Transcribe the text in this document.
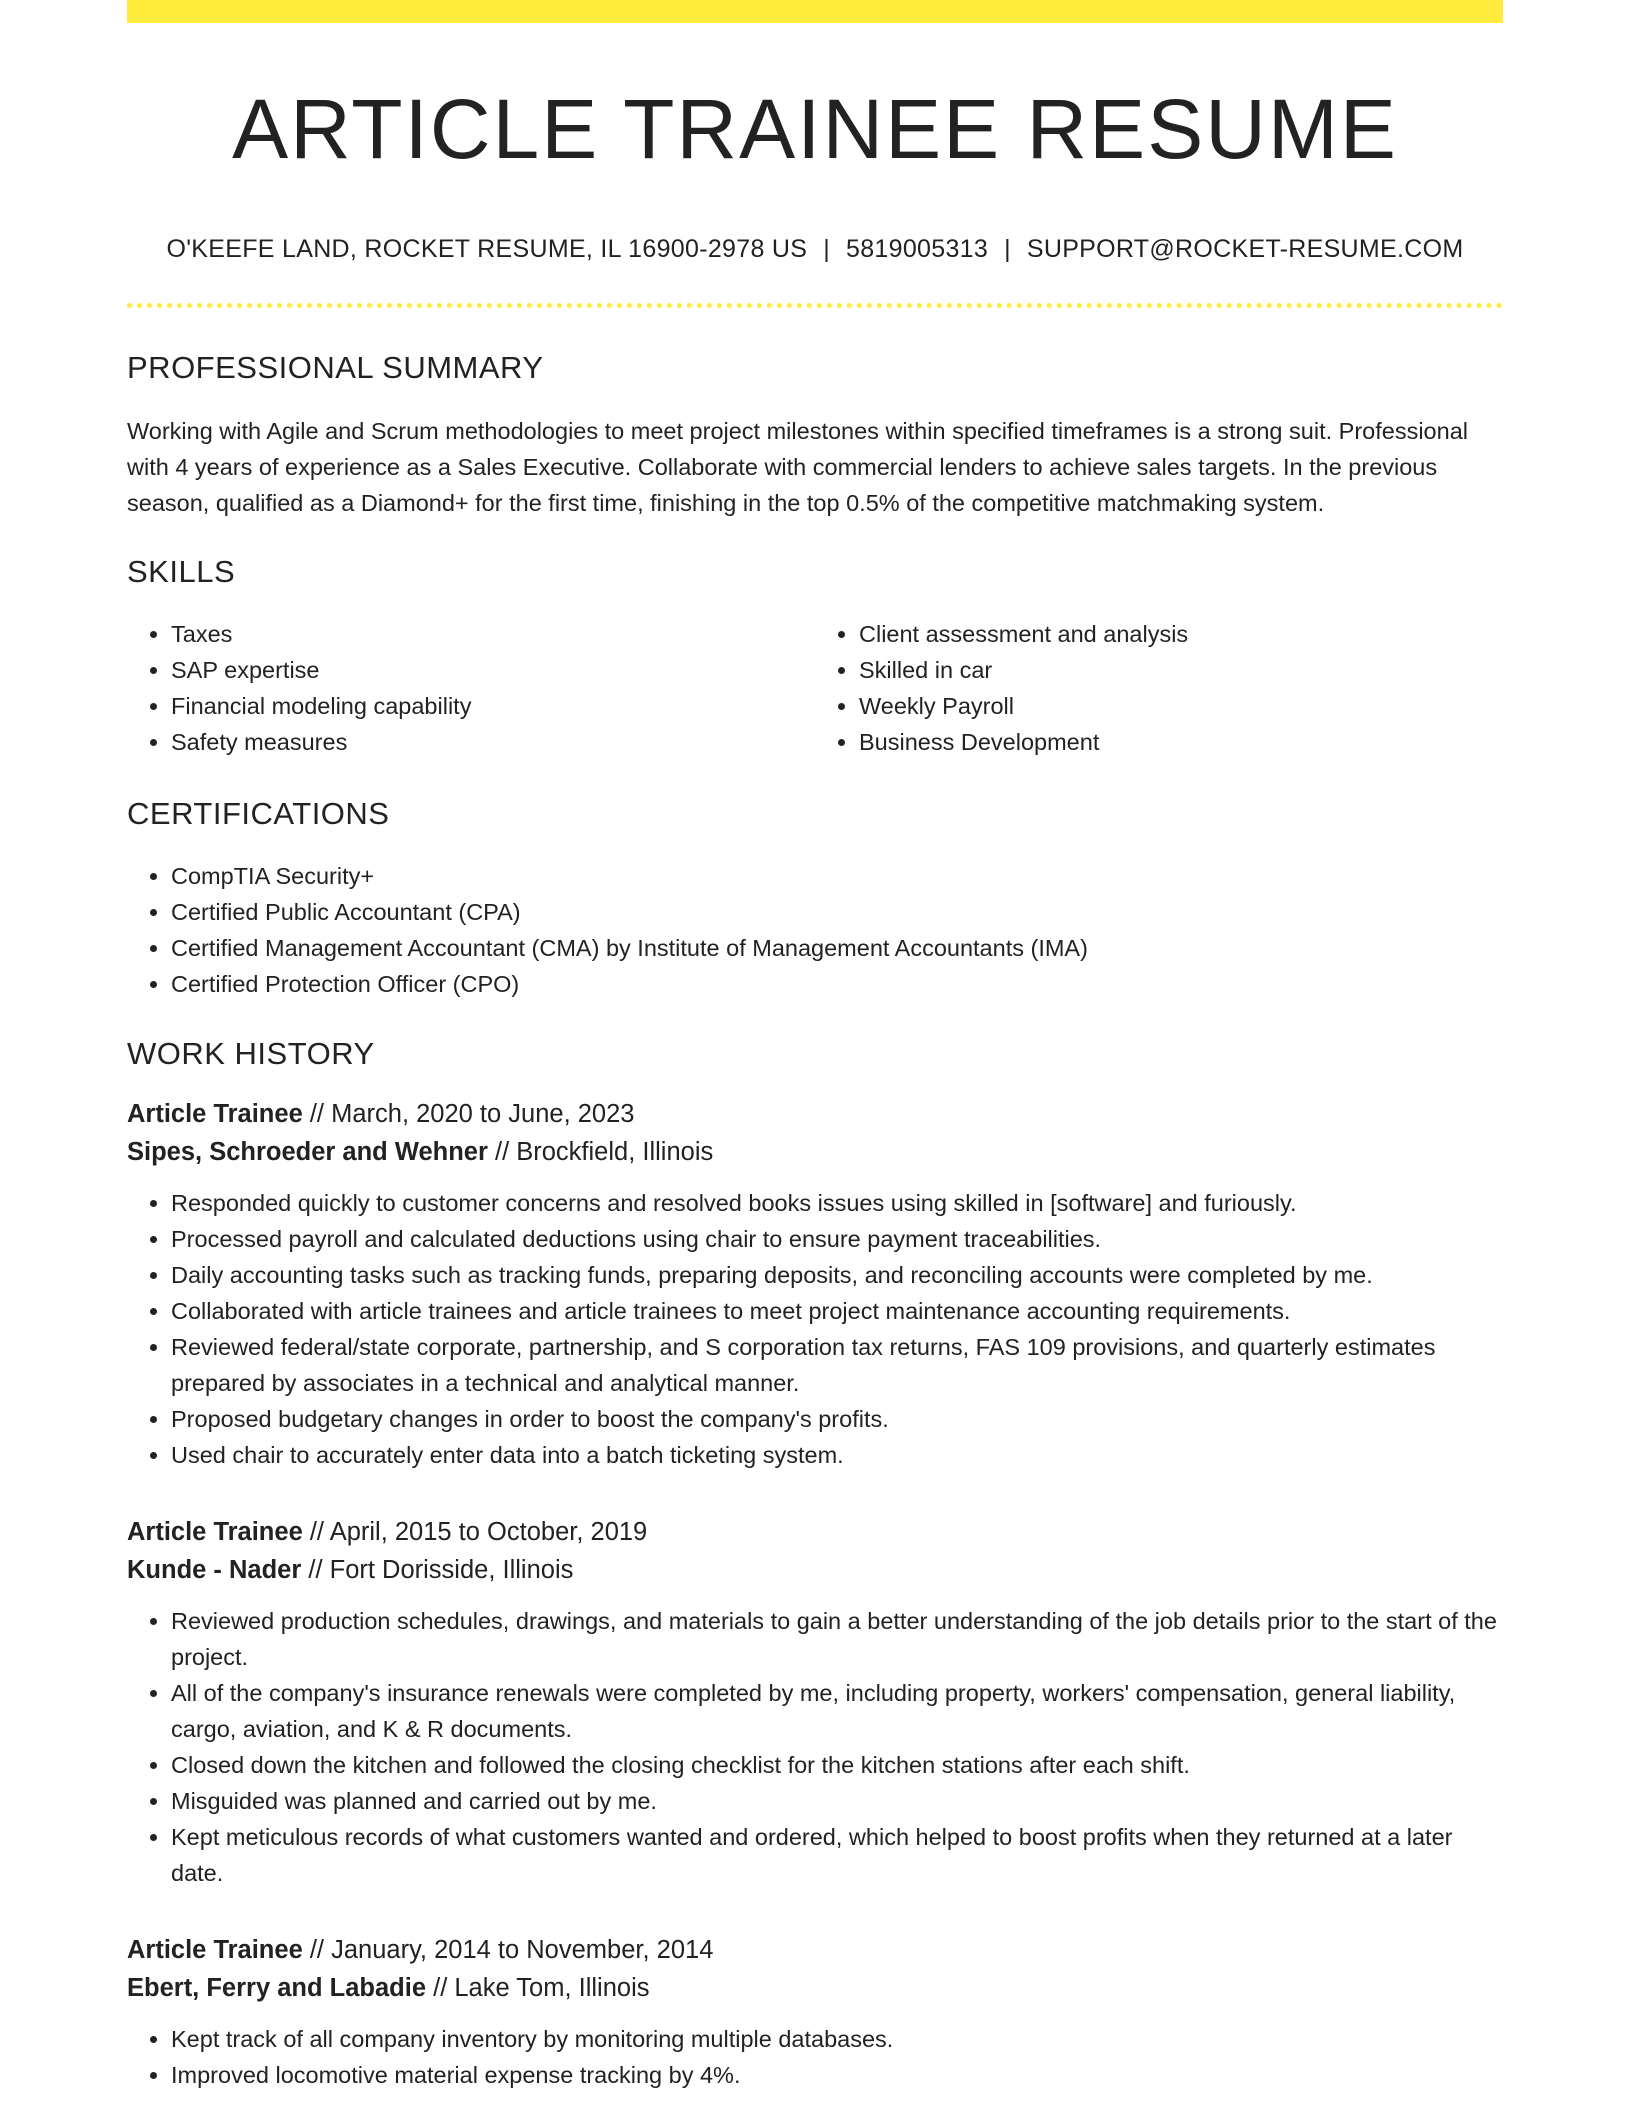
ARTICLE TRAINEE RESUME
O'KEEFE LAND, ROCKET RESUME, IL 16900-2978 US | 5819005313 | SUPPORT@ROCKET-RESUME.COM
PROFESSIONAL SUMMARY

Working with Agile and Scrum methodologies to meet project milestones within specified timeframes is a strong suit. Professional with 4 years of experience as a Sales Executive. Collaborate with commercial lenders to achieve sales targets. In the previous season, qualified as a Diamond+ for the first time, finishing in the top 0.5% of the competitive matchmaking system.

SKILLS
• Taxes
• SAP expertise
• Financial modeling capability
• Safety measures
• Client assessment and analysis
• Skilled in car
• Weekly Payroll
• Business Development
CERTIFICATIONS
• CompTIA Security+
• Certified Public Accountant (CPA)
• Certified Management Accountant (CMA) by Institute of Management Accountants (IMA)
• Certified Protection Officer (CPO)
WORK HISTORY
Article Trainee // March, 2020 to June, 2023
Sipes, Schroeder and Wehner // Brockfield, Illinois
• Responded quickly to customer concerns and resolved books issues using skilled in [software] and furiously.
• Processed payroll and calculated deductions using chair to ensure payment traceabilities.
• Daily accounting tasks such as tracking funds, preparing deposits, and reconciling accounts were completed by me.
• Collaborated with article trainees and article trainees to meet project maintenance accounting requirements.
• Reviewed federal/state corporate, partnership, and S corporation tax returns, FAS 109 provisions, and quarterly estimates prepared by associates in a technical and analytical manner.
• Proposed budgetary changes in order to boost the company's profits.
• Used chair to accurately enter data into a batch ticketing system.
Article Trainee // April, 2015 to October, 2019
Kunde - Nader // Fort Dorisside, Illinois
• Reviewed production schedules, drawings, and materials to gain a better understanding of the job details prior to the start of the project.
• All of the company's insurance renewals were completed by me, including property, workers' compensation, general liability, cargo, aviation, and K & R documents.
• Closed down the kitchen and followed the closing checklist for the kitchen stations after each shift.
• Misguided was planned and carried out by me.
• Kept meticulous records of what customers wanted and ordered, which helped to boost profits when they returned at a later date.
Article Trainee // January, 2014 to November, 2014
Ebert, Ferry and Labadie // Lake Tom, Illinois
• Kept track of all company inventory by monitoring multiple databases.
• Improved locomotive material expense tracking by 4%.
